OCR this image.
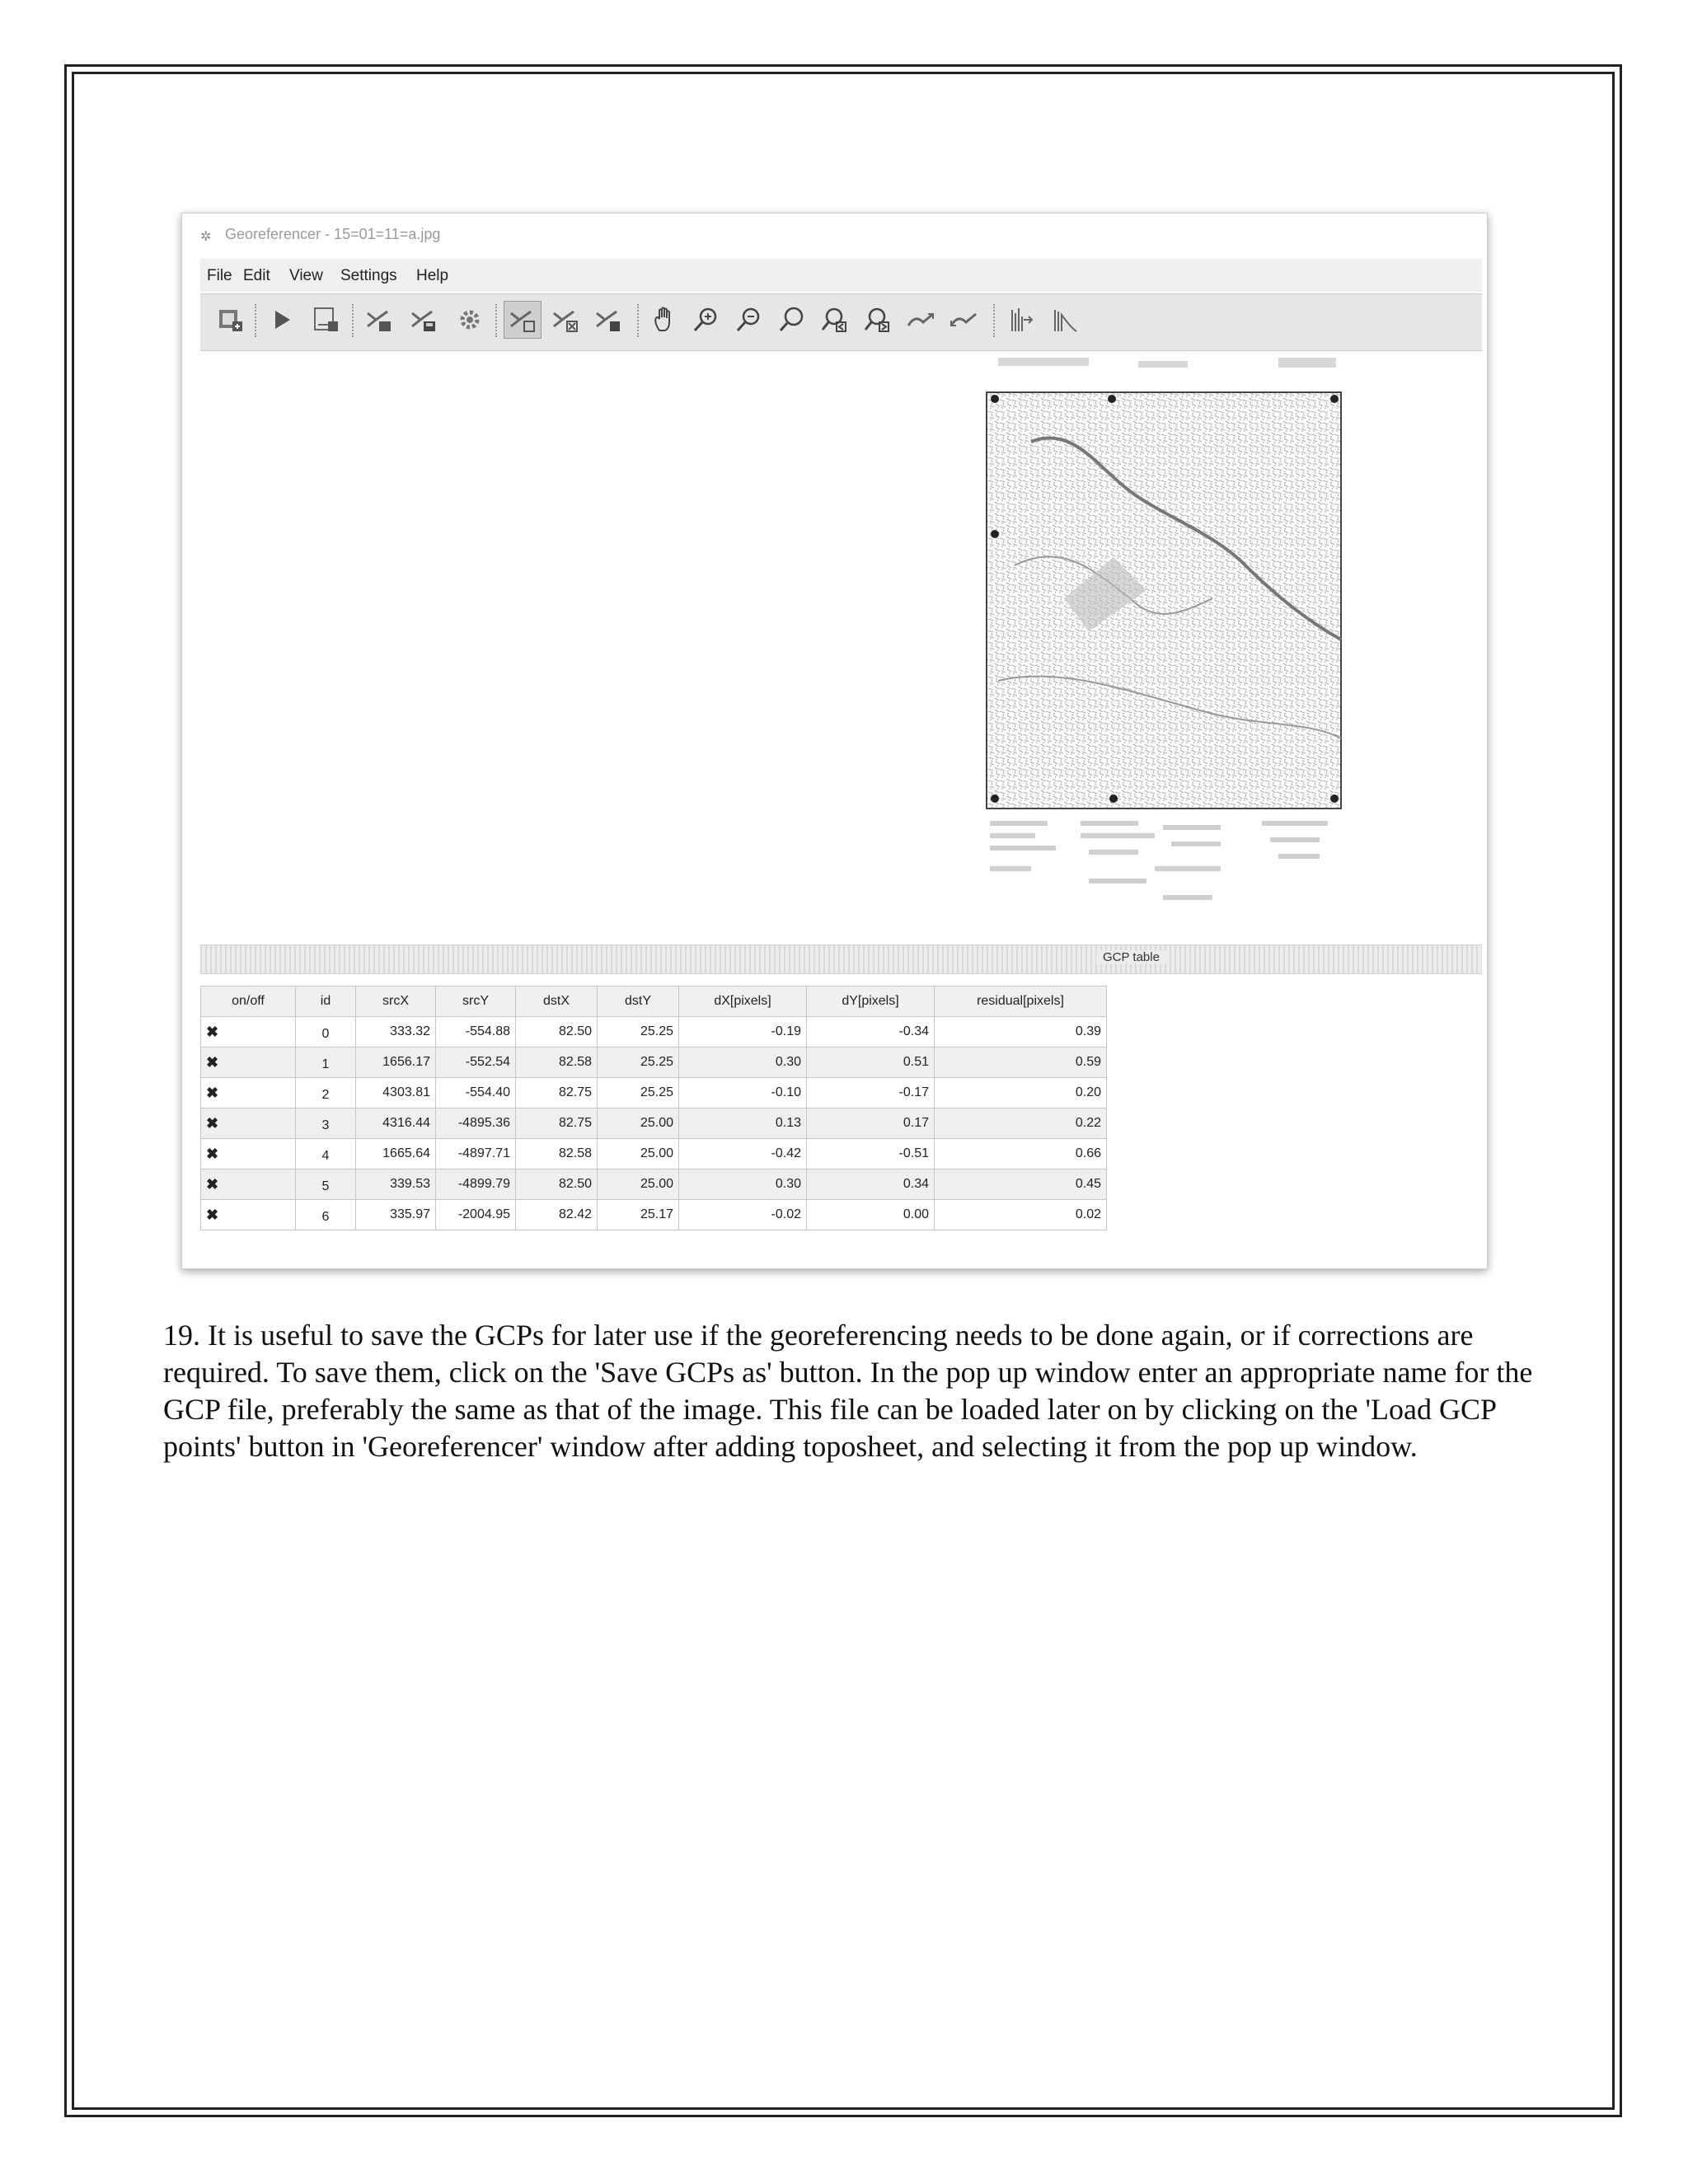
✲ Georeferencer - 15=01=11=a.jpg
File Edit View Settings Help
GCP table
on/off	id	srcX	srcY	dstX	dstY	dX[pixels]	dY[pixels]	residual[pixels]
✖	0	333.32	-554.88	82.50	25.25	-0.19	-0.34	0.39
✖	1	1656.17	-552.54	82.58	25.25	0.30	0.51	0.59
✖	2	4303.81	-554.40	82.75	25.25	-0.10	-0.17	0.20
✖	3	4316.44	-4895.36	82.75	25.00	0.13	0.17	0.22
✖	4	1665.64	-4897.71	82.58	25.00	-0.42	-0.51	0.66
✖	5	339.53	-4899.79	82.50	25.00	0.30	0.34	0.45
✖	6	335.97	-2004.95	82.42	25.17	-0.02	0.00	0.02
19. It is useful to save the GCPs for later use if the georeferencing needs to be done again, or if corrections are required. To save them, click on the 'Save GCPs as' button. In the pop up window enter an appropriate name for the GCP file, preferably the same as that of the image. This file can be loaded later on by clicking on the 'Load GCP points' button in 'Georeferencer' window after adding toposheet, and selecting it from the pop up window.
